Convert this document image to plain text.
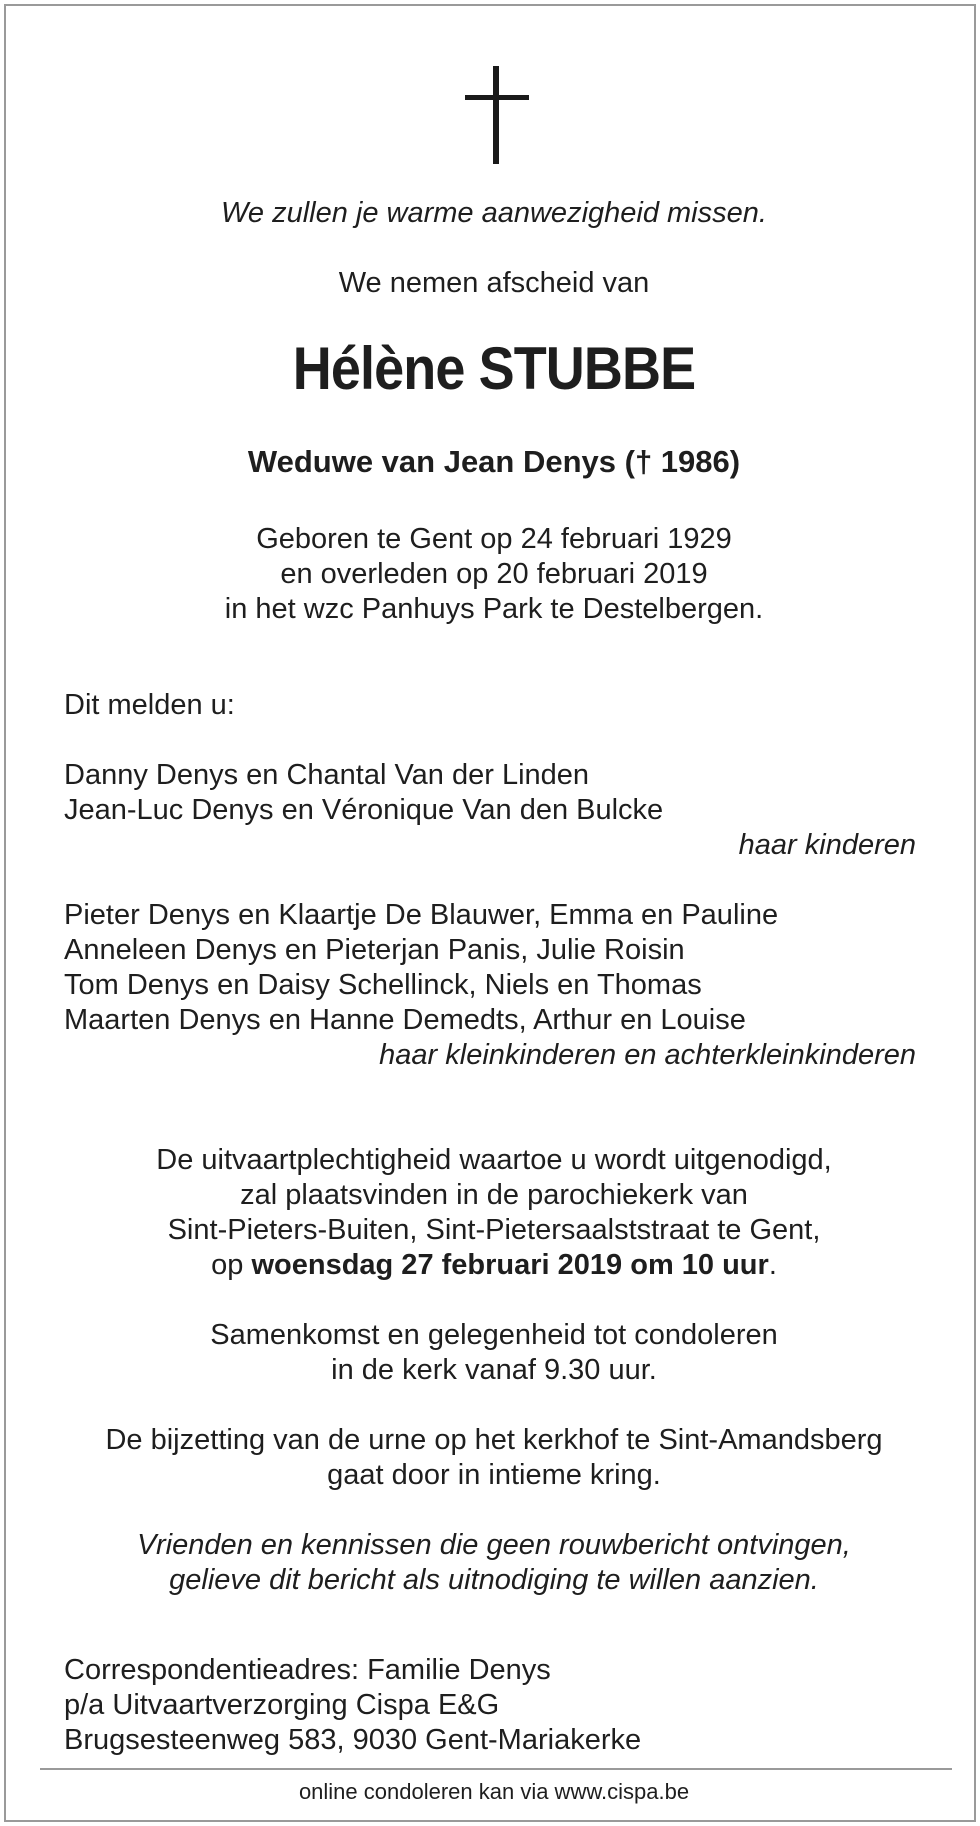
We zullen je warme aanwezigheid missen.

We nemen afscheid van

Hélène STUBBE

Weduwe van Jean Denys († 1986)

Geboren te Gent op 24 februari 1929

en overleden op 20 februari 2019

in het wzc Panhuys Park te Destelbergen.

Dit melden u:

Danny Denys en Chantal Van der Linden

Jean-Luc Denys en Véronique Van den Bulcke

haar kinderen

Pieter Denys en Klaartje De Blauwer, Emma en Pauline

Anneleen Denys en Pieterjan Panis, Julie Roisin

Tom Denys en Daisy Schellinck, Niels en Thomas

Maarten Denys en Hanne Demedts, Arthur en Louise

haar kleinkinderen en achterkleinkinderen

De uitvaartplechtigheid waartoe u wordt uitgenodigd,

zal plaatsvinden in de parochiekerk van

Sint-Pieters-Buiten, Sint-Pietersaalststraat te Gent,

op woensdag 27 februari 2019 om 10 uur.

Samenkomst en gelegenheid tot condoleren

in de kerk vanaf 9.30 uur.

De bijzetting van de urne op het kerkhof te Sint-Amandsberg

gaat door in intieme kring.

Vrienden en kennissen die geen rouwbericht ontvingen,

gelieve dit bericht als uitnodiging te willen aanzien.

Correspondentieadres: Familie Denys

p/a Uitvaartverzorging Cispa E&G

Brugsesteenweg 583, 9030 Gent-Mariakerke

online condoleren kan via www.cispa.be
